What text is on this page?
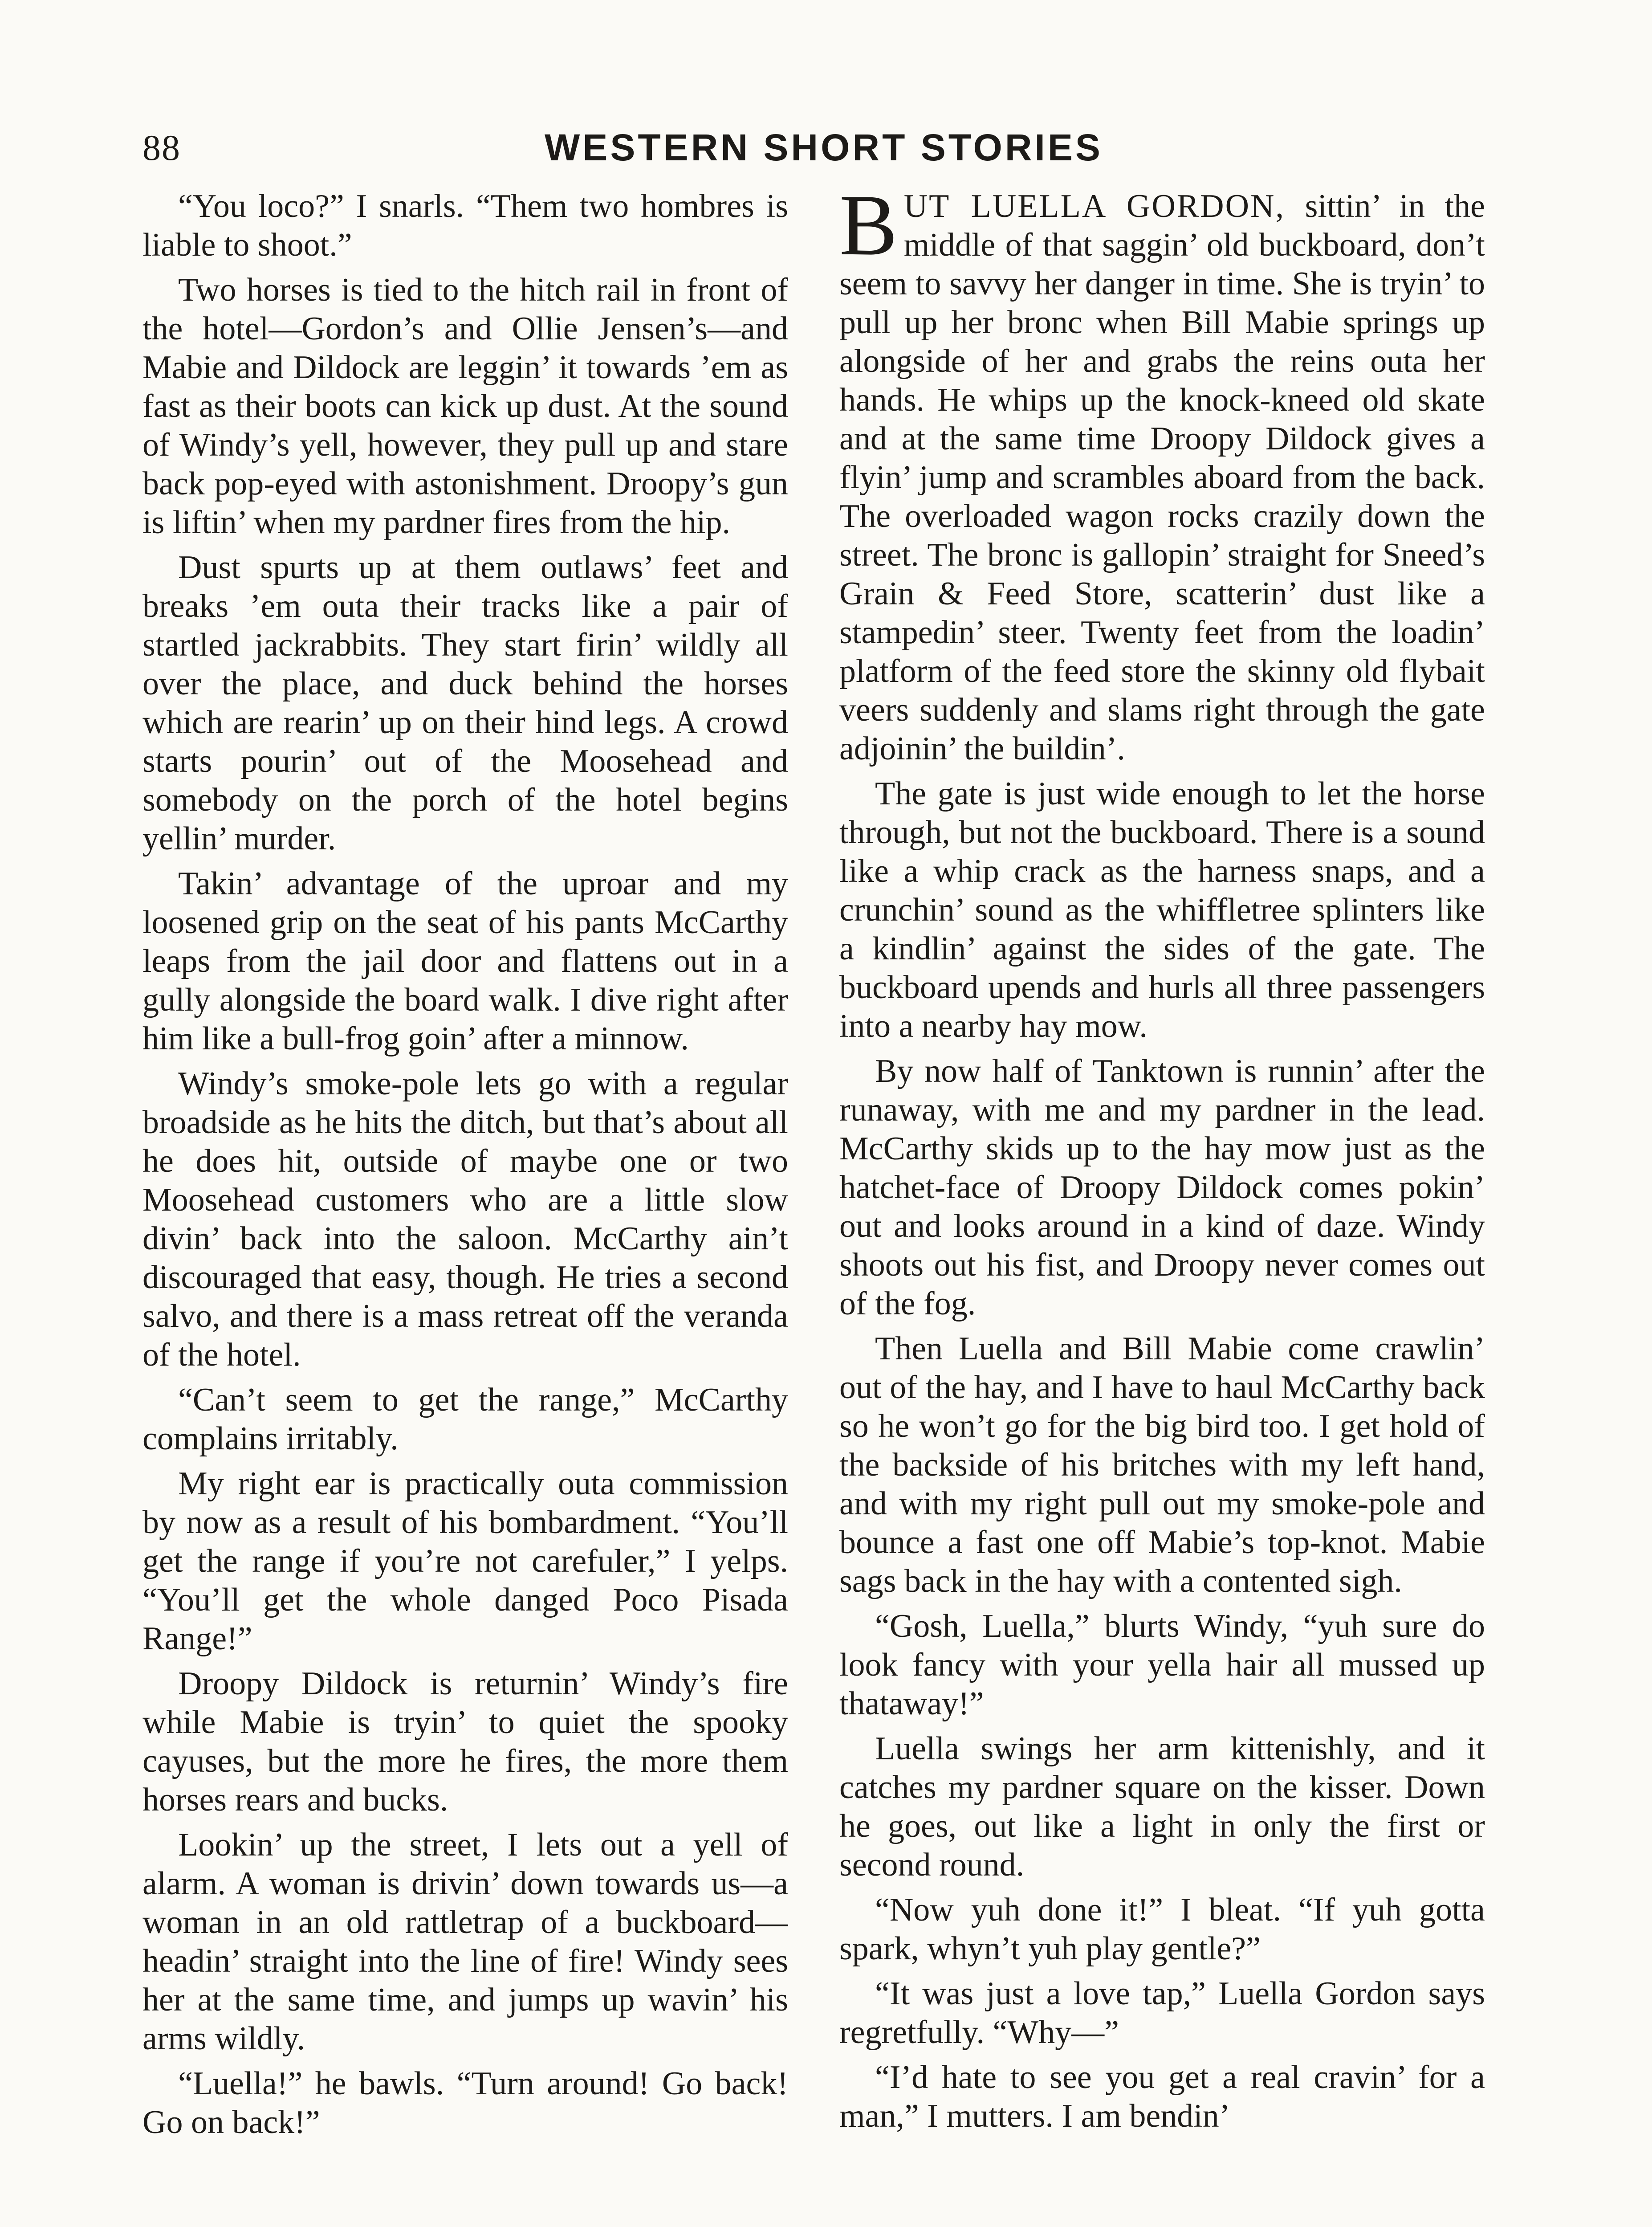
88	WESTERN SHORT STORIES

“You loco?” I snarls. “Them two hombres is liable to shoot.”

Two horses is tied to the hitch rail in front of the hotel—Gordon’s and Ollie Jensen’s—and Mabie and Dildock are leggin’ it towards ’em as fast as their boots can kick up dust. At the sound of Windy’s yell, however, they pull up and stare back pop-eyed with astonishment. Droopy’s gun is liftin’ when my pardner fires from the hip.

Dust spurts up at them outlaws’ feet and breaks ’em outa their tracks like a pair of startled jackrabbits. They start firin’ wildly all over the place, and duck behind the horses which are rearin’ up on their hind legs. A crowd starts pourin’ out of the Moosehead and somebody on the porch of the hotel begins yellin’ murder.

Takin’ advantage of the uproar and my loosened grip on the seat of his pants McCarthy leaps from the jail door and flattens out in a gully alongside the board walk. I dive right after him like a bull-frog goin’ after a minnow.

Windy’s smoke-pole lets go with a regular broadside as he hits the ditch, but that’s about all he does hit, outside of maybe one or two Moosehead customers who are a little slow divin’ back into the saloon. McCarthy ain’t discouraged that easy, though. He tries a second salvo, and there is a mass retreat off the veranda of the hotel.

“Can’t seem to get the range,” McCarthy complains irritably.

My right ear is practically outa commission by now as a result of his bombardment. “You’ll get the range if you’re not carefuler,” I yelps. “You’ll get the whole danged Poco Pisada Range!”

Droopy Dildock is returnin’ Windy’s fire while Mabie is tryin’ to quiet the spooky cayuses, but the more he fires, the more them horses rears and bucks.

Lookin’ up the street, I lets out a yell of alarm. A woman is drivin’ down towards us—a woman in an old rattletrap of a buckboard—headin’ straight into the line of fire! Windy sees her at the same time, and jumps up wavin’ his arms wildly.

“Luella!” he bawls. “Turn around! Go back! Go on back!”

BUT LUELLA GORDON, sittin’ in the middle of that saggin’ old buckboard, don’t seem to savvy her danger in time. She is tryin’ to pull up her bronc when Bill Mabie springs up alongside of her and grabs the reins outa her hands. He whips up the knock-kneed old skate and at the same time Droopy Dildock gives a flyin’ jump and scrambles aboard from the back. The overloaded wagon rocks crazily down the street. The bronc is gallopin’ straight for Sneed’s Grain & Feed Store, scatterin’ dust like a stampedin’ steer. Twenty feet from the loadin’ platform of the feed store the skinny old flybait veers suddenly and slams right through the gate adjoinin’ the buildin’.

The gate is just wide enough to let the horse through, but not the buckboard. There is a sound like a whip crack as the harness snaps, and a crunchin’ sound as the whiffletree splinters like a kindlin’ against the sides of the gate. The buckboard upends and hurls all three passengers into a nearby hay mow.

By now half of Tanktown is runnin’ after the runaway, with me and my pardner in the lead. McCarthy skids up to the hay mow just as the hatchet-face of Droopy Dildock comes pokin’ out and looks around in a kind of daze. Windy shoots out his fist, and Droopy never comes out of the fog.

Then Luella and Bill Mabie come crawlin’ out of the hay, and I have to haul McCarthy back so he won’t go for the big bird too. I get hold of the backside of his britches with my left hand, and with my right pull out my smoke-pole and bounce a fast one off Mabie’s top-knot. Mabie sags back in the hay with a contented sigh.

“Gosh, Luella,” blurts Windy, “yuh sure do look fancy with your yella hair all mussed up thataway!”

Luella swings her arm kittenishly, and it catches my pardner square on the kisser. Down he goes, out like a light in only the first or second round.

“Now yuh done it!” I bleat. “If yuh gotta spark, whyn’t yuh play gentle?”

“It was just a love tap,” Luella Gordon says regretfully. “Why—”

“I’d hate to see you get a real cravin’ for a man,” I mutters. I am bendin’
